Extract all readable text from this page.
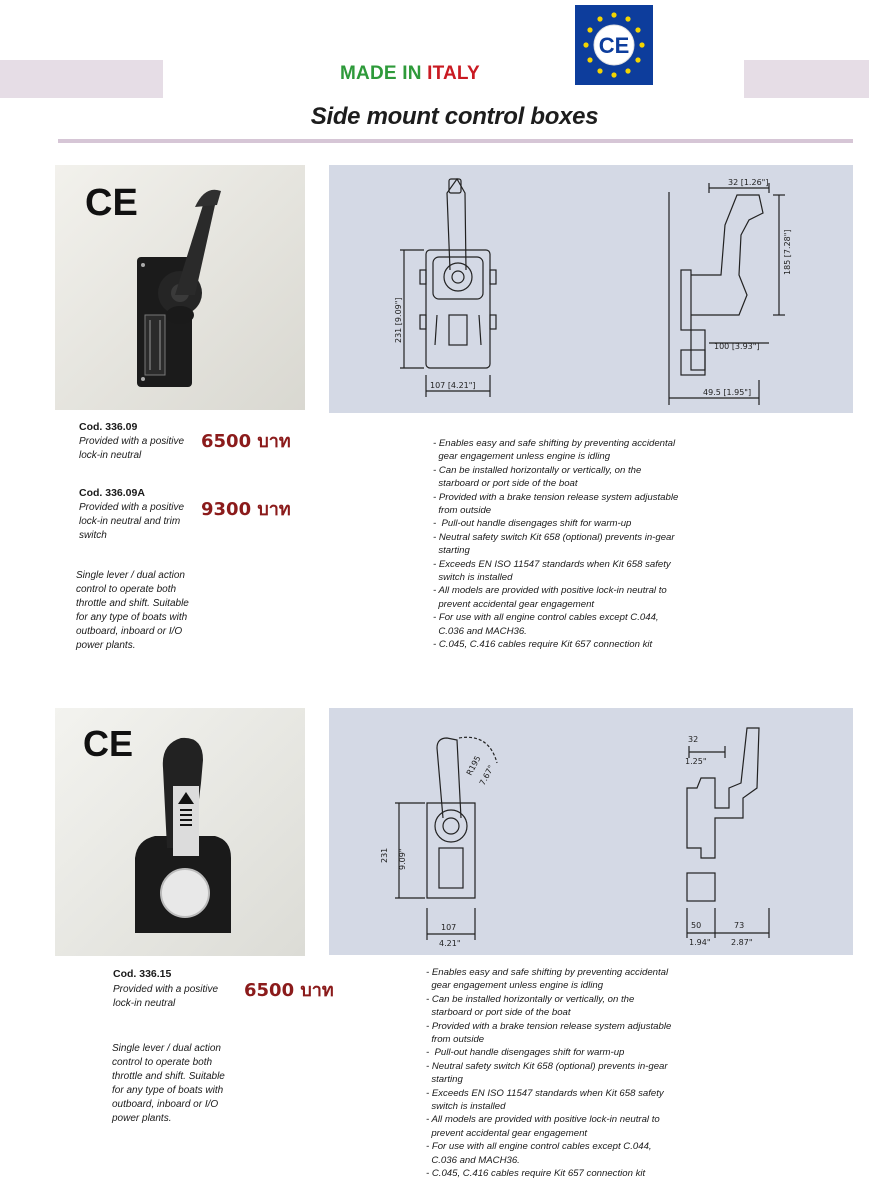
MADE IN ITALY
CE
Side mount control boxes
CE
231 [9.09"]
107 [4.21"]
32 [1.26"]
185 [7.28"]
100 [3.93"]
49.5 [1.95"]
Cod. 336.09
Provided with a positive lock-in neutral
6500 บาท
Cod. 336.09A
Provided with a positive lock-in neutral and trim switch
9300 บาท
Single lever / dual action control to operate both throttle and shift. Suitable for any type of boats with outboard, inboard or I/O power plants.
- Enables easy and safe shifting by preventing accidental
gear engagement unless engine is idling
- Can be installed horizontally or vertically, on the
starboard or port side of the boat
- Provided with a brake tension release system adjustable
from outside
-  Pull-out handle disengages shift for warm-up
- Neutral safety switch Kit 658 (optional) prevents in-gear
starting
- Exceeds EN ISO 11547 standards when Kit 658 safety
switch is installed
- All models are provided with positive lock-in neutral to
prevent accidental gear engagement
- For use with all engine control cables except C.044,
C.036 and MACH36.
- C.045, C.416 cables require Kit 657 connection kit
CE
R195
7.67"
231 9.09"
107
4.21"
32
1.25"
50
1.94"
73
2.87"
Cod. 336.15
Provided with a positive lock-in neutral
6500 บาท
Single lever / dual action control to operate both throttle and shift. Suitable for any type of boats with outboard, inboard or I/O power plants.
- Enables easy and safe shifting by preventing accidental
gear engagement unless engine is idling
- Can be installed horizontally or vertically, on the
starboard or port side of the boat
- Provided with a brake tension release system adjustable
from outside
-  Pull-out handle disengages shift for warm-up
- Neutral safety switch Kit 658 (optional) prevents in-gear
starting
- Exceeds EN ISO 11547 standards when Kit 658 safety
switch is installed
- All models are provided with positive lock-in neutral to
prevent accidental gear engagement
- For use with all engine control cables except C.044,
C.036 and MACH36.
- C.045, C.416 cables require Kit 657 connection kit
